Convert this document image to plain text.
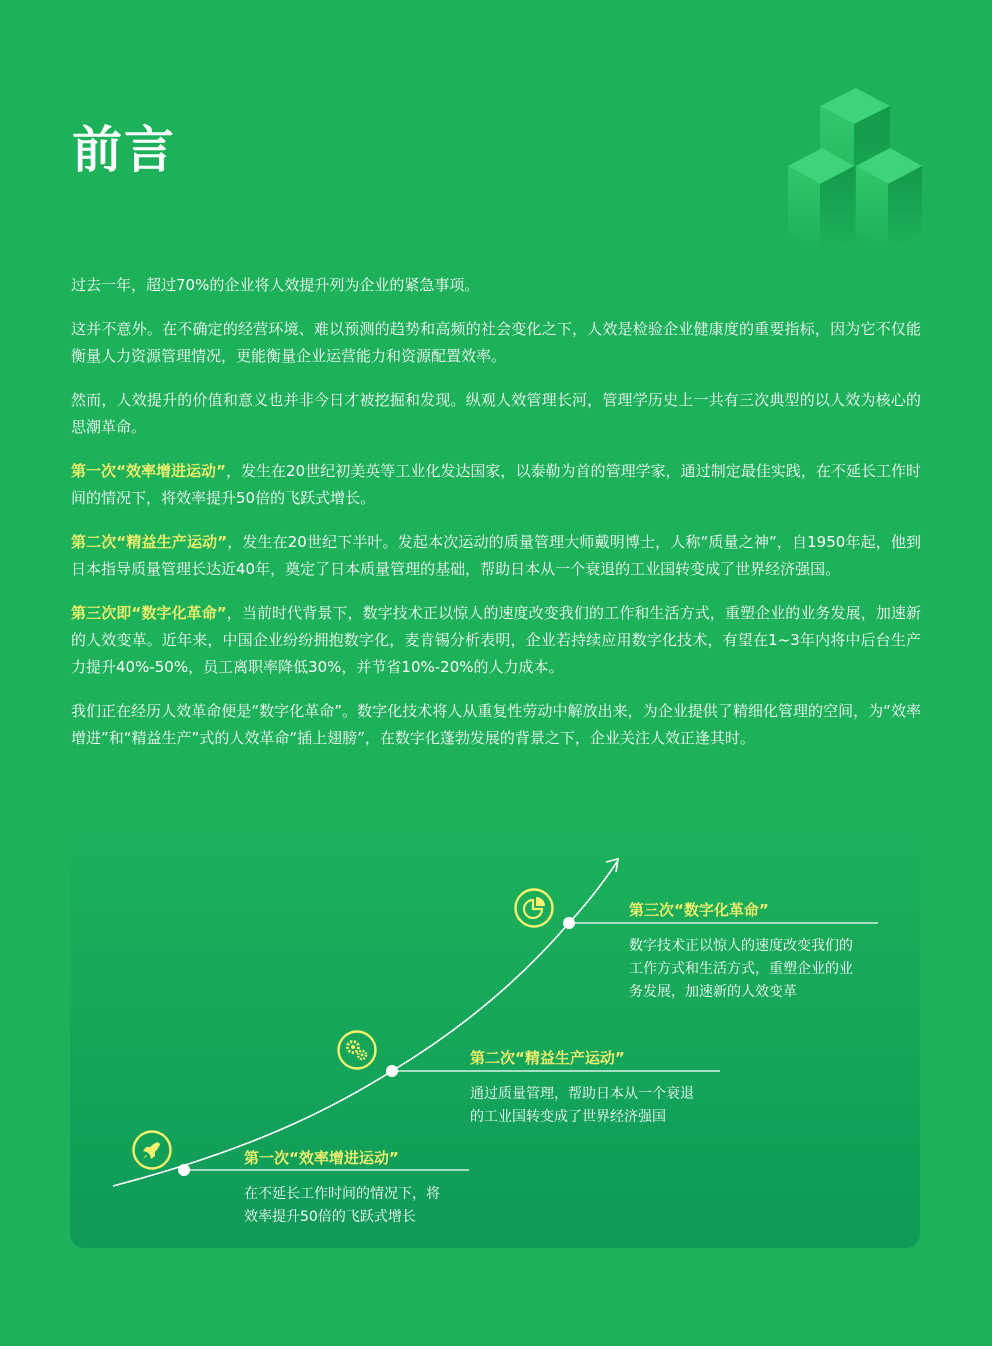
前言

过去一年，超过70%的企业将人效提升列为企业的紧急事项。

这并不意外。在不确定的经营环境、难以预测的趋势和高频的社会变化之下，人效是检验企业健康度的重要指标，因为它不仅能衡量人力资源管理情况，更能衡量企业运营能力和资源配置效率。

然而，人效提升的价值和意义也并非今日才被挖掘和发现。纵观人效管理长河，管理学历史上一共有三次典型的以人效为核心的思潮革命。

第一次“效率增进运动”，发生在20世纪初美英等工业化发达国家，以泰勒为首的管理学家，通过制定最佳实践，在不延长工作时间的情况下，将效率提升50倍的飞跃式增长。

第二次“精益生产运动”，发生在20世纪下半叶。发起本次运动的质量管理大师戴明博士，人称“质量之神”，自1950年起，他到日本指导质量管理长达近40年，奠定了日本质量管理的基础，帮助日本从一个衰退的工业国转变成了世界经济强国。

第三次即“数字化革命”，当前时代背景下，数字技术正以惊人的速度改变我们的工作和生活方式，重塑企业的业务发展，加速新的人效变革。近年来，中国企业纷纷拥抱数字化，麦肯锡分析表明，企业若持续应用数字化技术，有望在1~3年内将中后台生产力提升40%-50%，员工离职率降低30%，并节省10%-20%的人力成本。

我们正在经历人效革命便是“数字化革命”。数字化技术将人从重复性劳动中解放出来，为企业提供了精细化管理的空间，为“效率增进”和“精益生产”式的人效革命“插上翅膀”，在数字化蓬勃发展的背景之下，企业关注人效正逢其时。

第一次“效率增进运动”
在不延长工作时间的情况下，将
效率提升50倍的飞跃式增长
第二次“精益生产运动”
通过质量管理，帮助日本从一个衰退
的工业国转变成了世界经济强国
第三次“数字化革命”
数字技术正以惊人的速度改变我们的
工作方式和生活方式，重塑企业的业
务发展，加速新的人效变革
